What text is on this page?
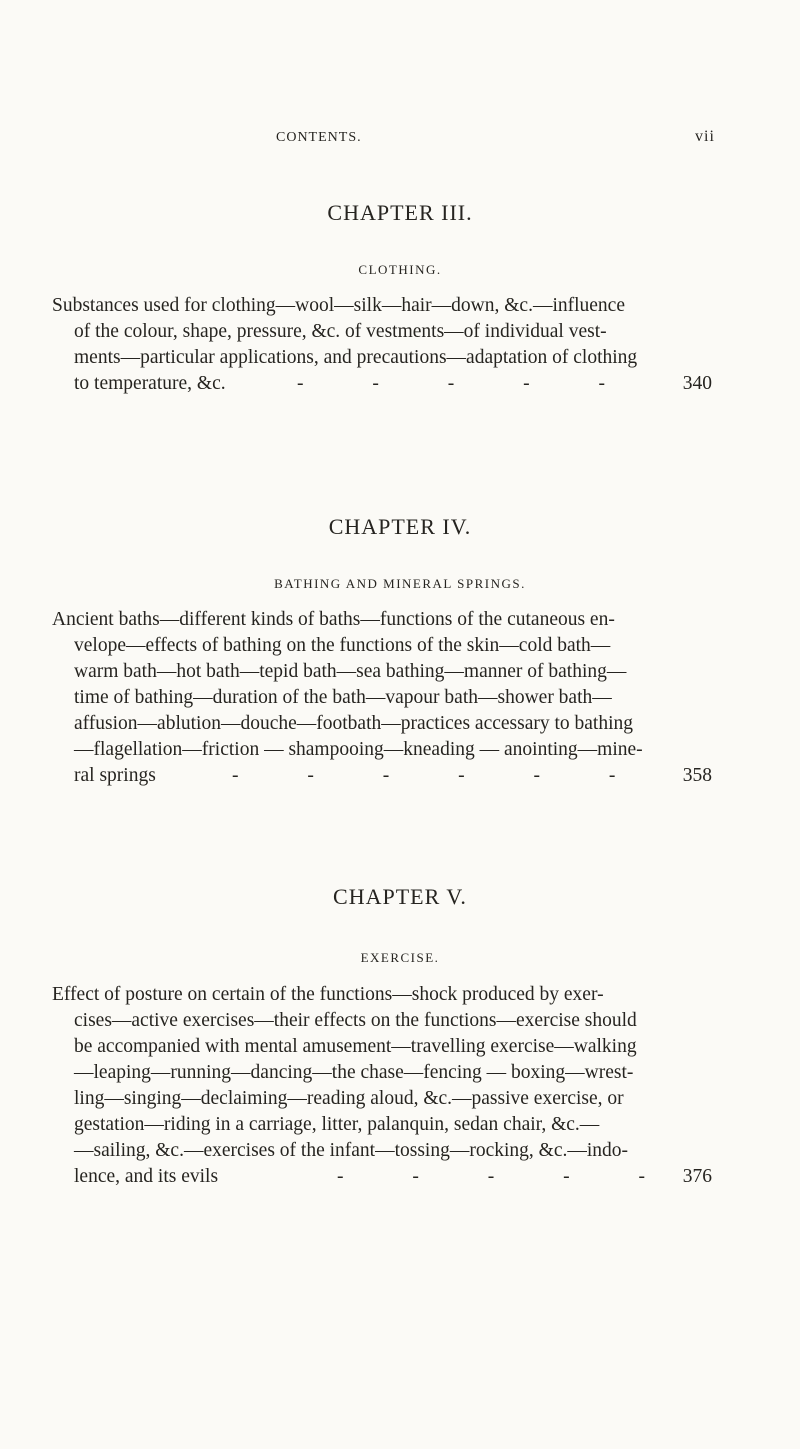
CONTENTS.	vii
CHAPTER III.
CLOTHING.
Substances used for clothing—wool—silk—hair—down, &c.—influence
of the colour, shape, pressure, &c. of vestments—of individual vest-
ments—particular applications, and precautions—adaptation of clothing
to temperature, &c.	- - - - - 340
CHAPTER IV.
BATHING AND MINERAL SPRINGS.
Ancient baths—different kinds of baths—functions of the cutaneous en-
velope—effects of bathing on the functions of the skin—cold bath—
warm bath—hot bath—tepid bath—sea bathing—manner of bathing—
time of bathing—duration of the bath—vapour bath—shower bath—
affusion—ablution—douche—footbath—practices accessary to bathing
—flagellation—friction — shampooing—kneading — anointing—mine-
ral springs	- - - - - - 358
CHAPTER V.
EXERCISE.
Effect of posture on certain of the functions—shock produced by exer-
cises—active exercises—their effects on the functions—exercise should
be accompanied with mental amusement—travelling exercise—walking
—leaping—running—dancing—the chase—fencing — boxing—wrest-
ling—singing—declaiming—reading aloud, &c.—passive exercise, or
gestation—riding in a carriage, litter, palanquin, sedan chair, &c.—
—sailing, &c.—exercises of the infant—tossing—rocking, &c.—indo-
lence, and its evils	- - - - - 376
